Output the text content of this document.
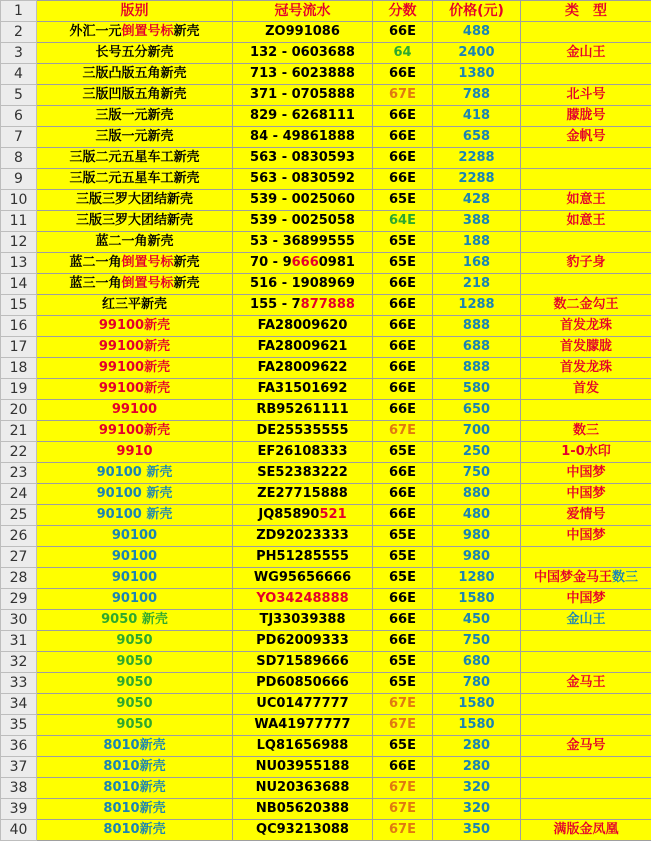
1	版别	冠号流水	分数	价格(元)	类　型
2	外汇一元倒置号标新壳	ZO991086	66E	488	
3	长号五分新壳	132 - 0603688	64	2400	金山王
4	三版凸版五角新壳	713 - 6023888	66E	1380	
5	三版凹版五角新壳	371 - 0705888	67E	788	北斗号
6	三版一元新壳	829 - 6268111	66E	418	朦胧号
7	三版一元新壳	84 - 49861888	66E	658	金帆号
8	三版二元五星车工新壳	563 - 0830593	66E	2288	
9	三版二元五星车工新壳	563 - 0830592	66E	2288	
10	三版三罗大团结新壳	539 - 0025060	65E	428	如意王
11	三版三罗大团结新壳	539 - 0025058	64E	388	如意王
12	蓝二一角新壳	53 - 36899555	65E	188	
13	蓝二一角倒置号标新壳	70 - 96660981	65E	168	豹子身
14	蓝三一角倒置号标新壳	516 - 1908969	66E	218	
15	红三平新壳	155 - 7877888	66E	1288	数二金勾王
16	99100新壳	FA28009620	66E	888	首发龙珠
17	99100新壳	FA28009621	66E	688	首发朦胧
18	99100新壳	FA28009622	66E	888	首发龙珠
19	99100新壳	FA31501692	66E	580	首发
20	99100	RB95261111	66E	650	
21	99100新壳	DE25535555	67E	700	数三
22	9910	EF26108333	65E	250	1-0水印
23	90100 新壳	SE52383222	66E	750	中国梦
24	90100 新壳	ZE27715888	66E	880	中国梦
25	90100 新壳	JQ85890521	66E	480	爱情号
26	90100	ZD92023333	65E	980	中国梦
27	90100	PH51285555	65E	980	
28	90100	WG95656666	65E	1280	中国梦金马王数三
29	90100	YO34248888	66E	1580	中国梦
30	9050 新壳	TJ33039388	66E	450	金山王
31	9050	PD62009333	66E	750	
32	9050	SD71589666	65E	680	
33	9050	PD60850666	65E	780	金马王
34	9050	UC01477777	67E	1580	
35	9050	WA41977777	67E	1580	
36	8010新壳	LQ81656988	65E	280	金马号
37	8010新壳	NU03955188	66E	280	
38	8010新壳	NU20363688	67E	320	
39	8010新壳	NB05620388	67E	320	
40	8010新壳	QC93213088	67E	350	满版金凤凰
